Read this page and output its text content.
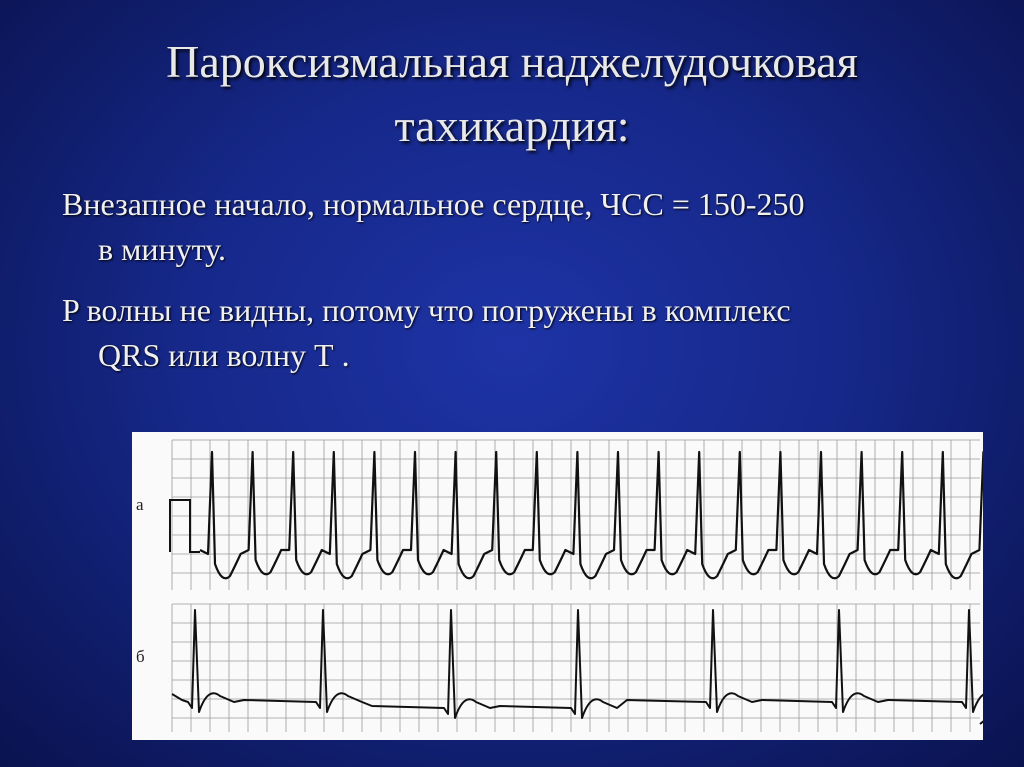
Пароксизмальная наджелудочковая
тахикардия:
Внезапное начало, нормальное сердце, ЧСС = 150-250
в минуту.
P волны не видны, потому что погружены в комплекс
QRS или волну Т .
а
б
